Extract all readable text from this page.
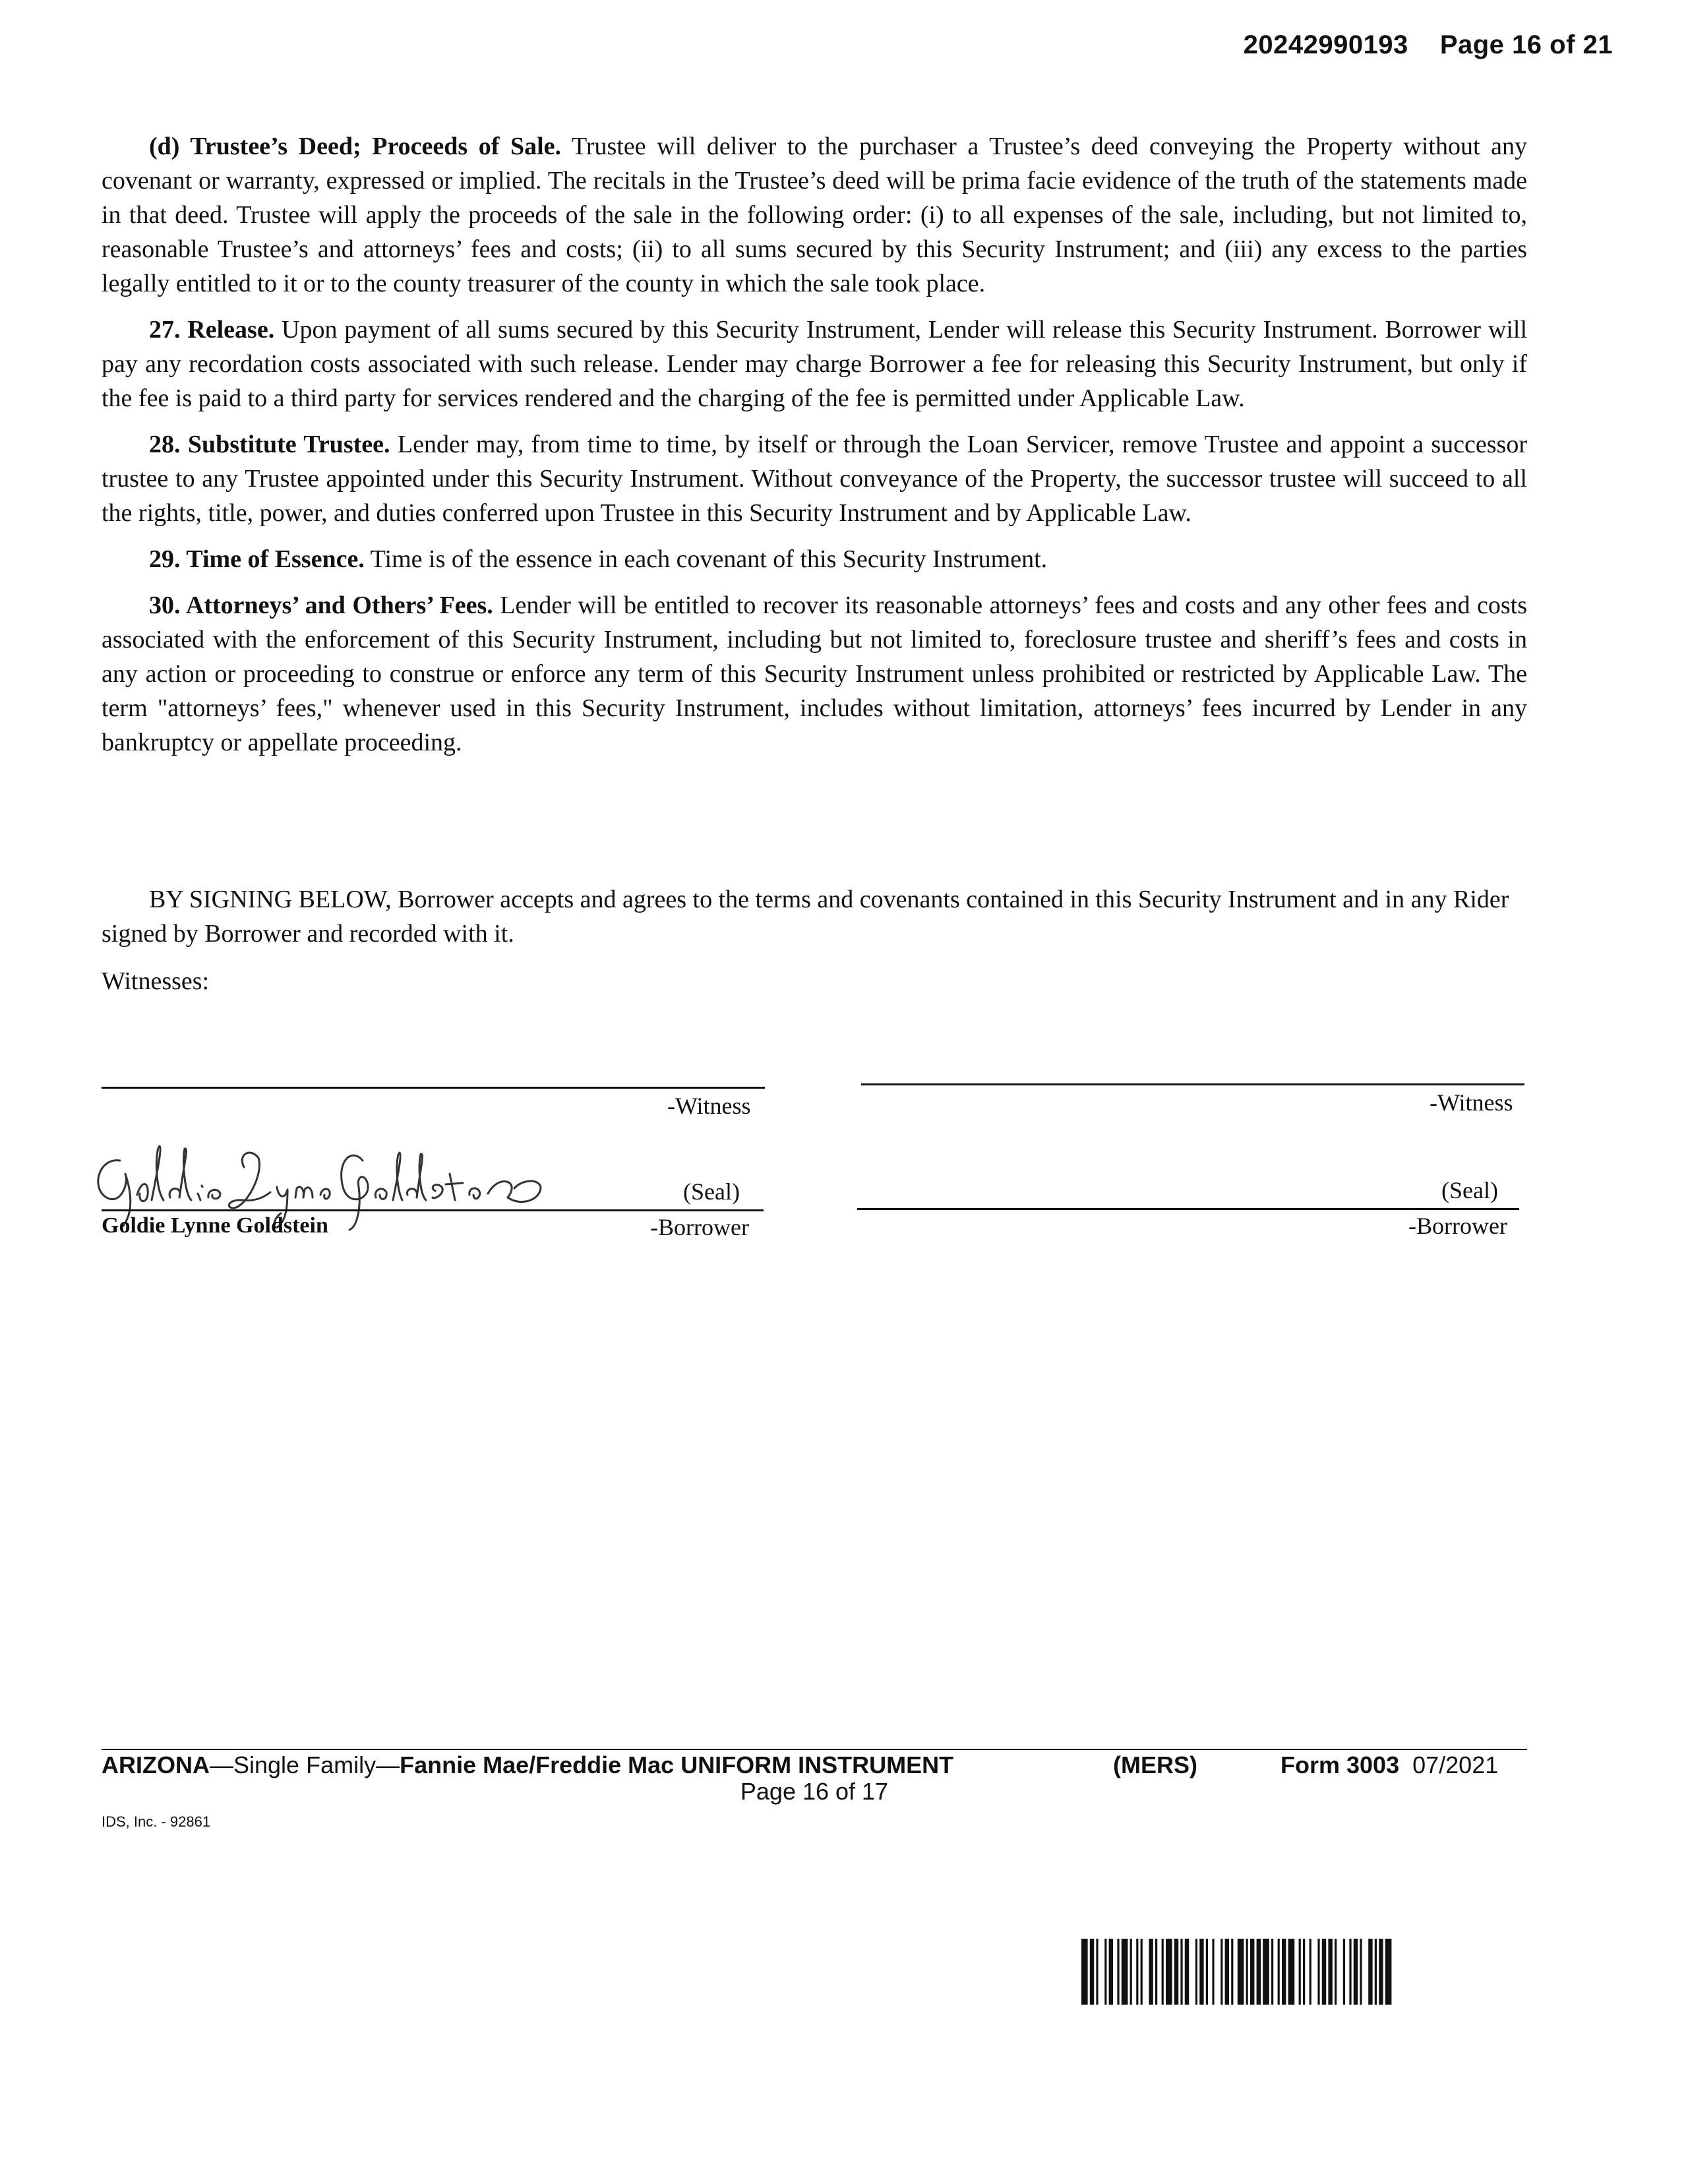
20242990193 Page 16 of 21

(d) Trustee’s Deed; Proceeds of Sale. Trustee will deliver to the purchaser a Trustee’s deed conveying the Property without any covenant or warranty, expressed or implied. The recitals in the Trustee’s deed will be prima facie evidence of the truth of the statements made in that deed. Trustee will apply the proceeds of the sale in the following order: (i) to all expenses of the sale, including, but not limited to, reasonable Trustee’s and attorneys’ fees and costs; (ii) to all sums secured by this Security Instrument; and (iii) any excess to the parties legally entitled to it or to the county treasurer of the county in which the sale took place.

27. Release. Upon payment of all sums secured by this Security Instrument, Lender will release this Security Instrument. Borrower will pay any recordation costs associated with such release. Lender may charge Borrower a fee for releasing this Security Instrument, but only if the fee is paid to a third party for services rendered and the charging of the fee is permitted under Applicable Law.

28. Substitute Trustee. Lender may, from time to time, by itself or through the Loan Servicer, remove Trustee and appoint a successor trustee to any Trustee appointed under this Security Instrument. Without conveyance of the Property, the successor trustee will succeed to all the rights, title, power, and duties conferred upon Trustee in this Security Instrument and by Applicable Law.

29. Time of Essence. Time is of the essence in each covenant of this Security Instrument.

30. Attorneys’ and Others’ Fees. Lender will be entitled to recover its reasonable attorneys’ fees and costs and any other fees and costs associated with the enforcement of this Security Instrument, including but not limited to, foreclosure trustee and sheriff’s fees and costs in any action or proceeding to construe or enforce any term of this Security Instrument unless prohibited or restricted by Applicable Law. The term "attorneys’ fees," whenever used in this Security Instrument, includes without limitation, attorneys’ fees incurred by Lender in any bankruptcy or appellate proceeding.

BY SIGNING BELOW, Borrower accepts and agrees to the terms and covenants contained in this Security Instrument and in any Rider signed by Borrower and recorded with it.

Witnesses:
-Witness	-Witness
(Seal)
Goldie Lynne Goldstein	-Borrower
(Seal)
-Borrower
ARIZONA—Single Family—Fannie Mae/Freddie Mac UNIFORM INSTRUMENT	(MERS)	Form 3003 07/2021
Page 16 of 17
IDS, Inc. - 92861
